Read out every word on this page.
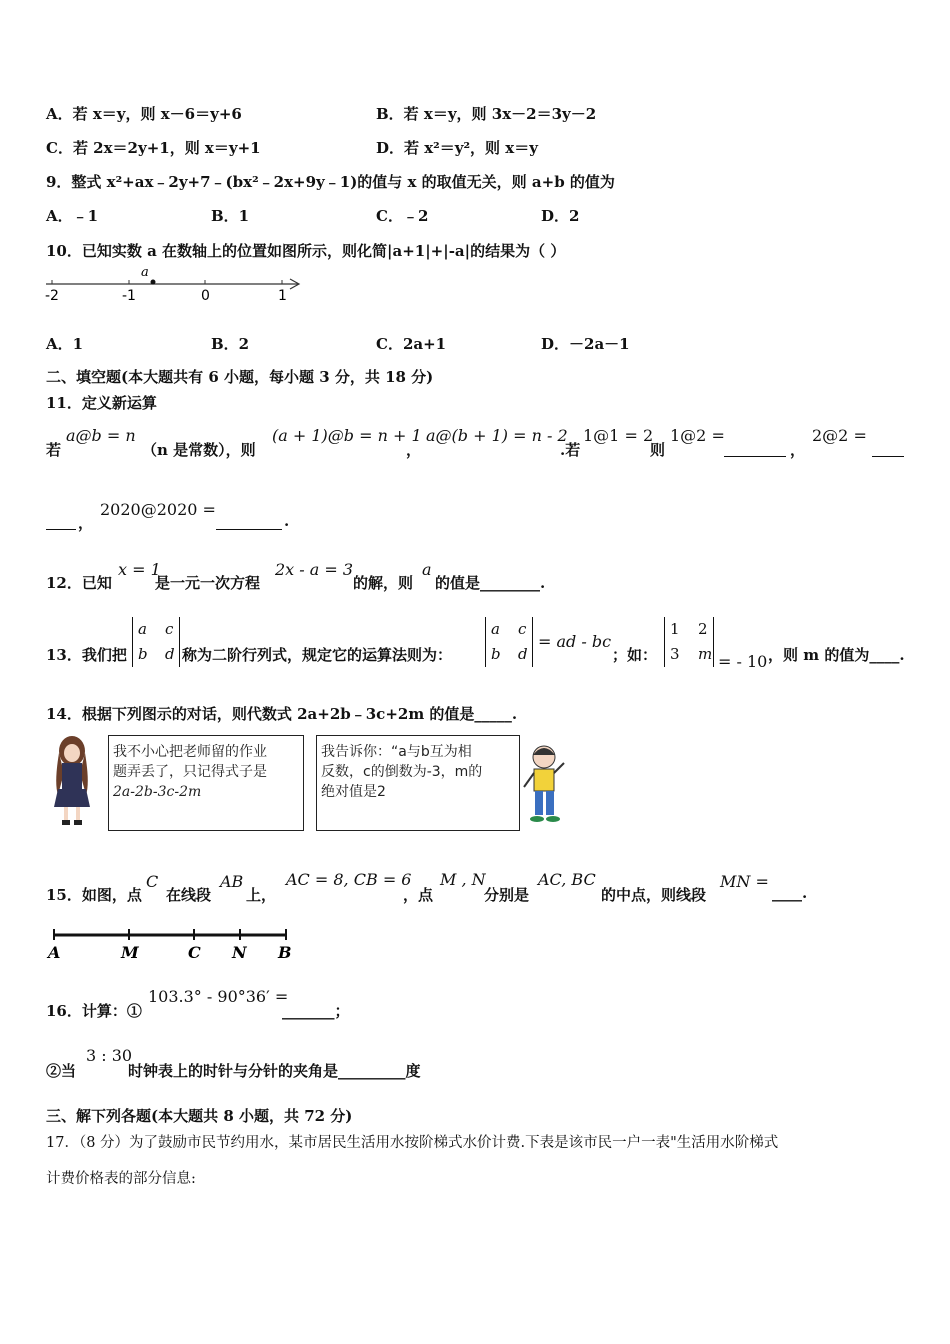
A．若 x＝y，则 x－6＝y+6	B．若 x＝y，则 3x－2＝3y－2
C．若 2x＝2y+1，则 x＝y+1	D．若 x²＝y²，则 x＝y
9．整式 x²+ax﹣2y+7﹣(bx²﹣2x+9y﹣1)的值与 x 的取值无关，则 a+b 的值为
A．﹣1	B．1	C．﹣2	D．2
10．已知实数 a 在数轴上的位置如图所示，则化简|a+1|+|-a|的结果为（ ）
a
-2	-1	0	1
A．1	B．2	C．2a+1	D．－2a－1
二、填空题(本大题共有 6 小题，每小题 3 分，共 18 分)
11．定义新运算
若
a@b = n
（n 是常数），则
(a + 1)@b = n + 1
，
a@(b + 1) = n - 2
.若
1@1 = 2
则
1@2 =
，
2@2 =
，
2020@2020 =
.
12．已知
x = 1
是一元一次方程
2x - a = 3
的解，则
a
的值是________.
13．我们把
a c
b d 称为二阶行列式，规定它的运算法则为：
a c
b d
= ad - bc
；如：
1 2
3 m = - 10 ，则 m 的值为____.
14．根据下列图示的对话，则代数式 2a+2b﹣3c+2m 的值是_____.
我不小心把老师留的作业
题弄丢了，只记得式子是
2a-2b-3c-2m
我告诉你：“a与b互为相
反数，c的倒数为-3，m的
绝对值是2
15．如图，点
C
在线段
AB
上，
AC = 8, CB = 6
，点
M , N
分别是
AC, BC
的中点，则线段
MN =
____.
A	M	C N B
16．计算：①
103.3° - 90°36′ =
_______；
②当
3 : 30
时钟表上的时针与分针的夹角是_________度
三、解下列各题(本大题共 8 小题，共 72 分)
17．（8 分）为了鼓励市民节约用水，某市居民生活用水按阶梯式水价计费.下表是该市民一户一表"生活用水阶梯式
计费价格表的部分信息:
